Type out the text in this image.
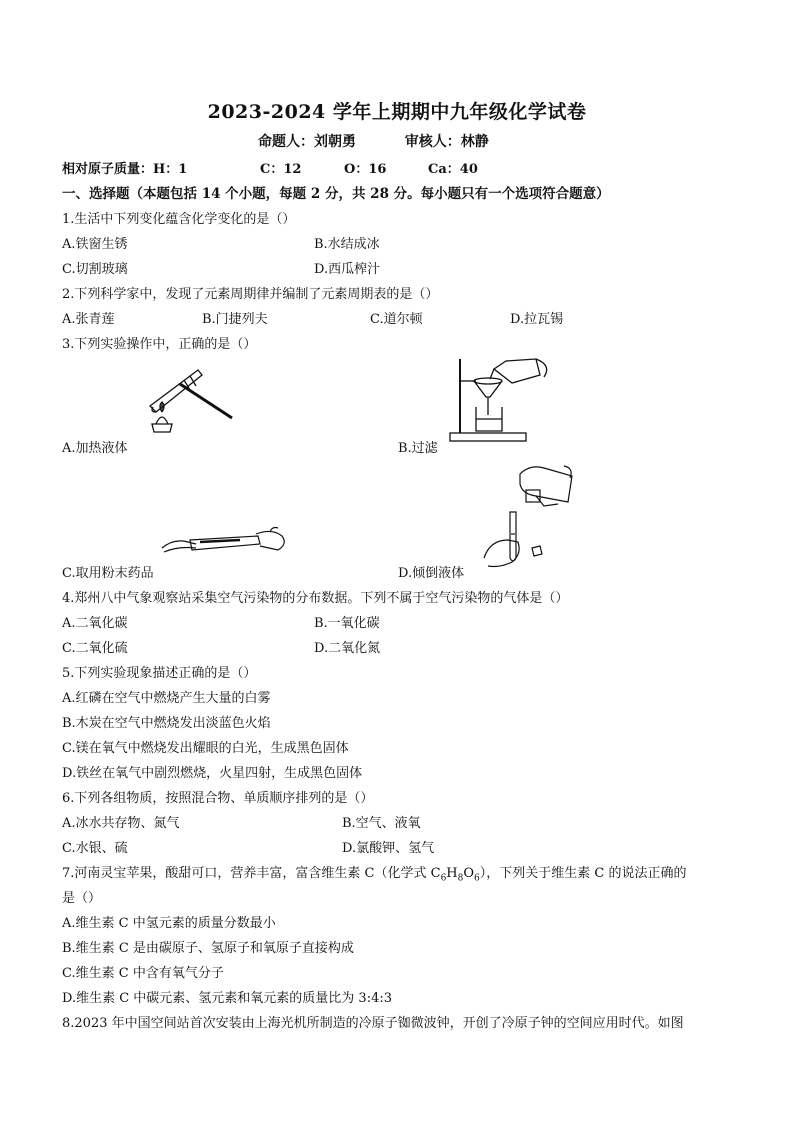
2023-2024 学年上期期中九年级化学试卷
命题人：刘朝勇          审核人：林静
相对原子质量：H：1	C：12	O：16	Ca：40
一、选择题（本题包括 14 个小题，每题 2 分，共 28 分。每小题只有一个选项符合题意）
1.生活中下列变化蕴含化学变化的是（）
A.铁窗生锈	B.水结成冰
C.切割玻璃	D.西瓜榨汁
2.下列科学家中，发现了元素周期律并编制了元素周期表的是（）
A.张青莲	B.门捷列夫	C.道尔顿	D.拉瓦锡
3.下列实验操作中，正确的是（）
A.加热液体	B.过滤
C.取用粉末药品	D.倾倒液体
4.郑州八中气象观察站采集空气污染物的分布数据。下列不属于空气污染物的气体是（）
A.二氧化碳	B.一氧化碳
C.二氧化硫	D.二氧化氮
5.下列实验现象描述正确的是（）
A.红磷在空气中燃烧产生大量的白雾
B.木炭在空气中燃烧发出淡蓝色火焰
C.镁在氧气中燃烧发出耀眼的白光，生成黑色固体
D.铁丝在氧气中剧烈燃烧，火星四射，生成黑色固体
6.下列各组物质，按照混合物、单质顺序排列的是（）
A.冰水共存物、氮气	B.空气、液氧
C.水银、硫	D.氯酸钾、氢气
7.河南灵宝苹果，酸甜可口，营养丰富，富含维生素 C（化学式 $C_6H_8O_6$），下列关于维生素 C 的说法正确的
是（）
A.维生素 C 中氢元素的质量分数最小
B.维生素 C 是由碳原子、氢原子和氧原子直接构成
C.维生素 C 中含有氧气分子
D.维生素 C 中碳元素、氢元素和氧元素的质量比为 3:4:3
8.2023 年中国空间站首次安装由上海光机所制造的冷原子铷微波钟，开创了冷原子钟的空间应用时代。如图
